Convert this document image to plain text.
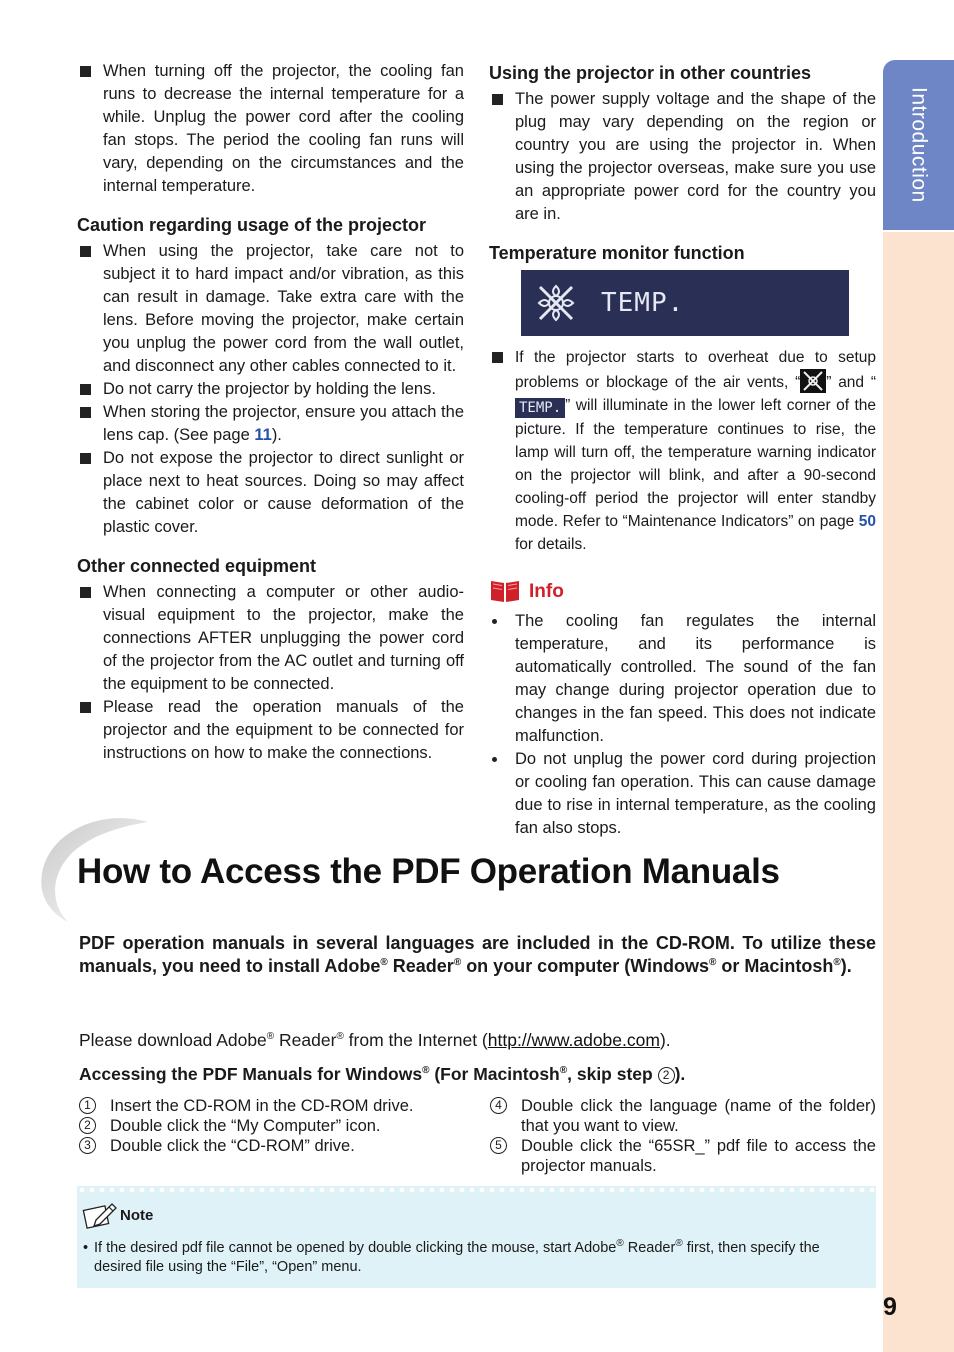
Introduction
When turning off the projector, the cooling fan runs to decrease the internal temperature for a while. Unplug the power cord after the cooling fan stops. The period the cooling fan runs will vary, depending on the circumstances and the internal temperature.
Caution regarding usage of the projector
When using the projector, take care not to subject it to hard impact and/or vibration, as this can result in damage. Take extra care with the lens. Before moving the projector, make certain you unplug the power cord from the wall outlet, and disconnect any other cables connected to it.
Do not carry the projector by holding the lens.
When storing the projector, ensure you attach the lens cap. (See page 11).
Do not expose the projector to direct sunlight or place next to heat sources. Doing so may affect the cabinet color or cause deformation of the plastic cover.
Other connected equipment
When connecting a computer or other audio-visual equipment to the projector, make the connections AFTER unplugging the power cord of the projector from the AC outlet and turning off the equipment to be connected.
Please read the operation manuals of the projector and the equipment to be connected for instructions on how to make the connections.
Using the projector in other countries
The power supply voltage and the shape of the plug may vary depending on the region or country you are using the projector in. When using the projector overseas, make sure you use an appropriate power cord for the country you are in.
Temperature monitor function
TEMP.
If the projector starts to overheat due to setup problems or blockage of the air vents, “ ” and “TEMP. ” will illuminate in the lower left corner of the picture. If the temperature continues to rise, the lamp will turn off, the temperature warning indicator on the projector will blink, and after a 90-second cooling-off period the projector will enter standby mode. Refer to “Maintenance Indicators” on page 50 for details.
Info
The cooling fan regulates the internal temperature, and its performance is automatically controlled. The sound of the fan may change during projector operation due to changes in the fan speed. This does not indicate malfunction.
Do not unplug the power cord during projection or cooling fan operation. This can cause damage due to rise in internal temperature, as the cooling fan also stops.
How to Access the PDF Operation Manuals
PDF operation manuals in several languages are included in the CD-ROM. To utilize these manuals, you need to install Adobe® Reader® on your computer (Windows® or Macintosh®).
Please download Adobe® Reader® from the Internet (http://www.adobe.com).
Accessing the PDF Manuals for Windows® (For Macintosh®, skip step 2 ).
1	Insert the CD-ROM in the CD-ROM drive.
2	Double click the “My Computer” icon.
3	Double click the “CD-ROM” drive.
4	Double click the language (name of the folder) that you want to view.
5	Double click the “65SR_” pdf file to access the projector manuals.
Note
• If the desired pdf file cannot be opened by double clicking the mouse, start Adobe® Reader® first, then specify the desired file using the “File”, “Open” menu.
9
